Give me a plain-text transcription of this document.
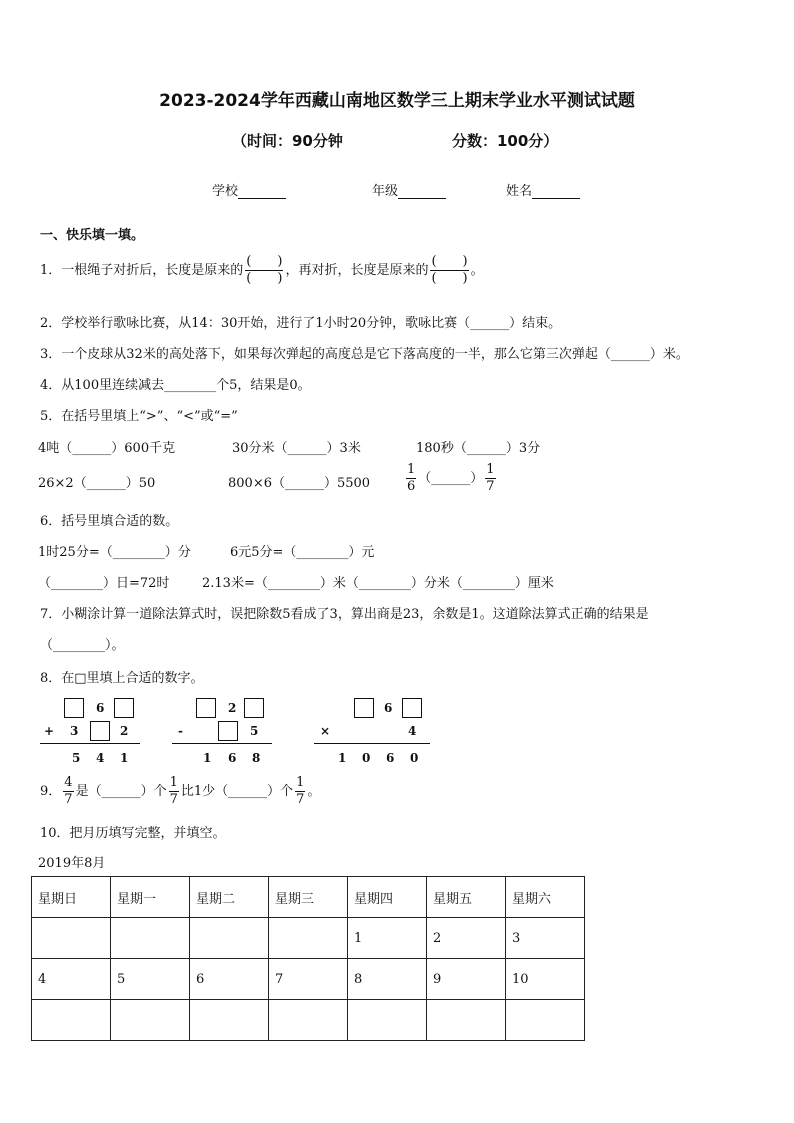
2023-2024学年西藏山南地区数学三上期末学业水平测试试题
（时间：90分钟	分数：100分）
学校	年级	姓名
一、快乐填一填。
1．一根绳子对折后，长度是原来的 $\frac{( )}{( )}$ ，再对折，长度是原来的 $\frac{( )}{( )}$ 。
2．学校举行歌咏比赛，从14：30开始，进行了1小时20分钟，歌咏比赛（______）结束。
3．一个皮球从32米的高处落下，如果每次弹起的高度总是它下落高度的一半，那么它第三次弹起（______）米。
4．从100里连续减去________个5，结果是0。
5．在括号里填上“>”、“<”或“=”
4吨（______）600千克	30分米（______）3米	180秒（______）3分
26×2（______）50	800×6（______）5500	$\frac{1}{6}$ （______） $\frac{1}{7}$
6．括号里填合适的数。
1时25分=（________）分	6元5分=（________）元
（________）日=72时	2.13米=（________）米（________）分米（________）厘米
7．小糊涂计算一道除法算式时，误把除数5看成了3，算出商是23，余数是1。这道除法算式正确的结果是
（________）。
8．在□里填上合适的数字。
6
+ 3	2
5 4 1
2
-	5
1 6 8
6
×	4
1 0 6 0
9． $\frac{4}{7}$ 是（______）个 $\frac{1}{7}$ 比1少（______）个 $\frac{1}{7}$ 。
10．把月历填写完整，并填空。
2019年8月
星期日	星期一	星期二	星期三	星期四	星期五	星期六
				1	2	3
4	5	6	7	8	9	10
